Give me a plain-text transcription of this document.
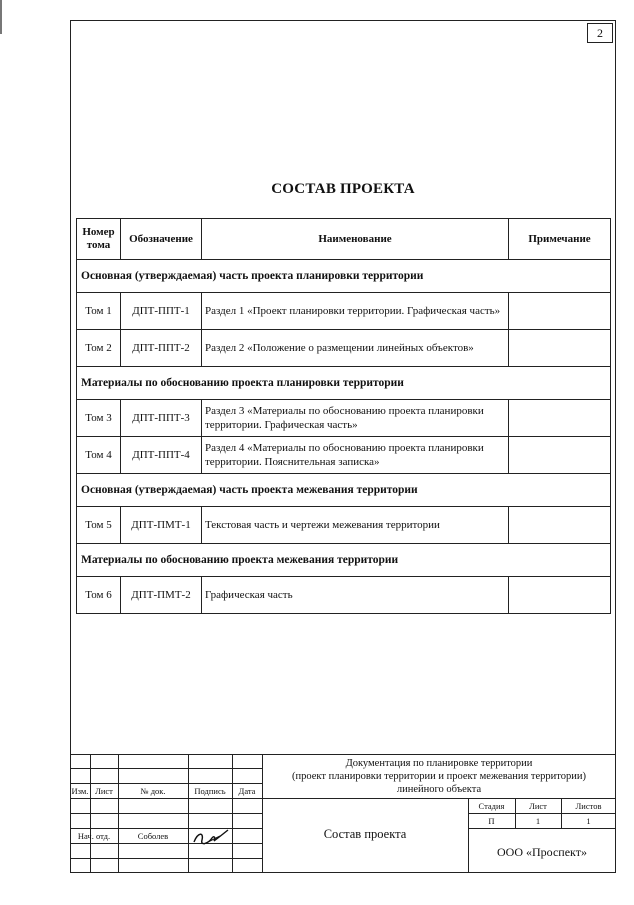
2
СОСТАВ ПРОЕКТА
Номер тома	Обозначение	Наименование	Примечание
Основная (утверждаемая) часть проекта планировки территории			
Том 1	ДПТ-ППТ-1	Раздел 1 «Проект планировки территории. Графическая часть»	
Том 2	ДПТ-ППТ-2	Раздел 2 «Положение о размещении линейных объектов»	
Материалы по обоснованию проекта планировки территории			
Том 3	ДПТ-ППТ-3	Раздел 3 «Материалы по обоснованию проекта планировки территории. Графическая часть»	
Том 4	ДПТ-ППТ-4	Раздел 4 «Материалы по обоснованию проекта планировки территории. Пояснительная записка»	
Основная (утверждаемая) часть проекта межевания территории			
Том 5	ДПТ-ПМТ-1	Текстовая часть и чертежи межевания территории	
Материалы по обоснованию проекта межевания территории			
Том 6	ДПТ-ПМТ-2	Графическая часть	
Изм. Лист	№ док.	Подпись	Дата
Нач. отд.	Соболев
Стадия	Лист	Листов
П	1	1
Документация по планировке территории
(проект планировки территории и проект межевания территории)
линейного объекта
Состав проекта
ООО «Проспект»
